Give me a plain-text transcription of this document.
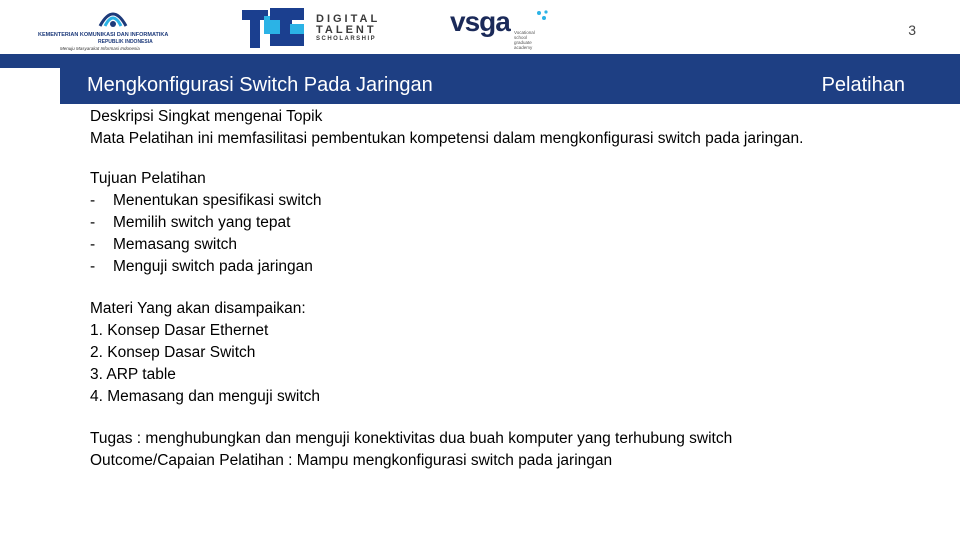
KEMENTERIAN KOMUNIKASI DAN INFORMATIKA
REPUBLIK INDONESIA
Menuju Masyarakat Informasi Indonesia
DIGITAL
TALENT
SCHOLARSHIP
vsga Vocational
school
graduate
academy
3
Mengkonfigurasi Switch Pada Jaringan	Pelatihan

Deskripsi Singkat mengenai Topik

Mata Pelatihan ini memfasilitasi pembentukan kompetensi dalam mengkonfigurasi switch pada jaringan.

Tujuan Pelatihan

-	Menentukan spesifikasi switch
-	Memilih switch yang tepat
-	Memasang switch
-	Menguji switch pada jaringan

Materi Yang akan disampaikan:

1. Konsep Dasar Ethernet

2. Konsep Dasar Switch

3. ARP table

4. Memasang dan menguji switch

Tugas : menghubungkan dan menguji konektivitas dua buah komputer yang terhubung switch

Outcome/Capaian Pelatihan : Mampu mengkonfigurasi switch pada jaringan
